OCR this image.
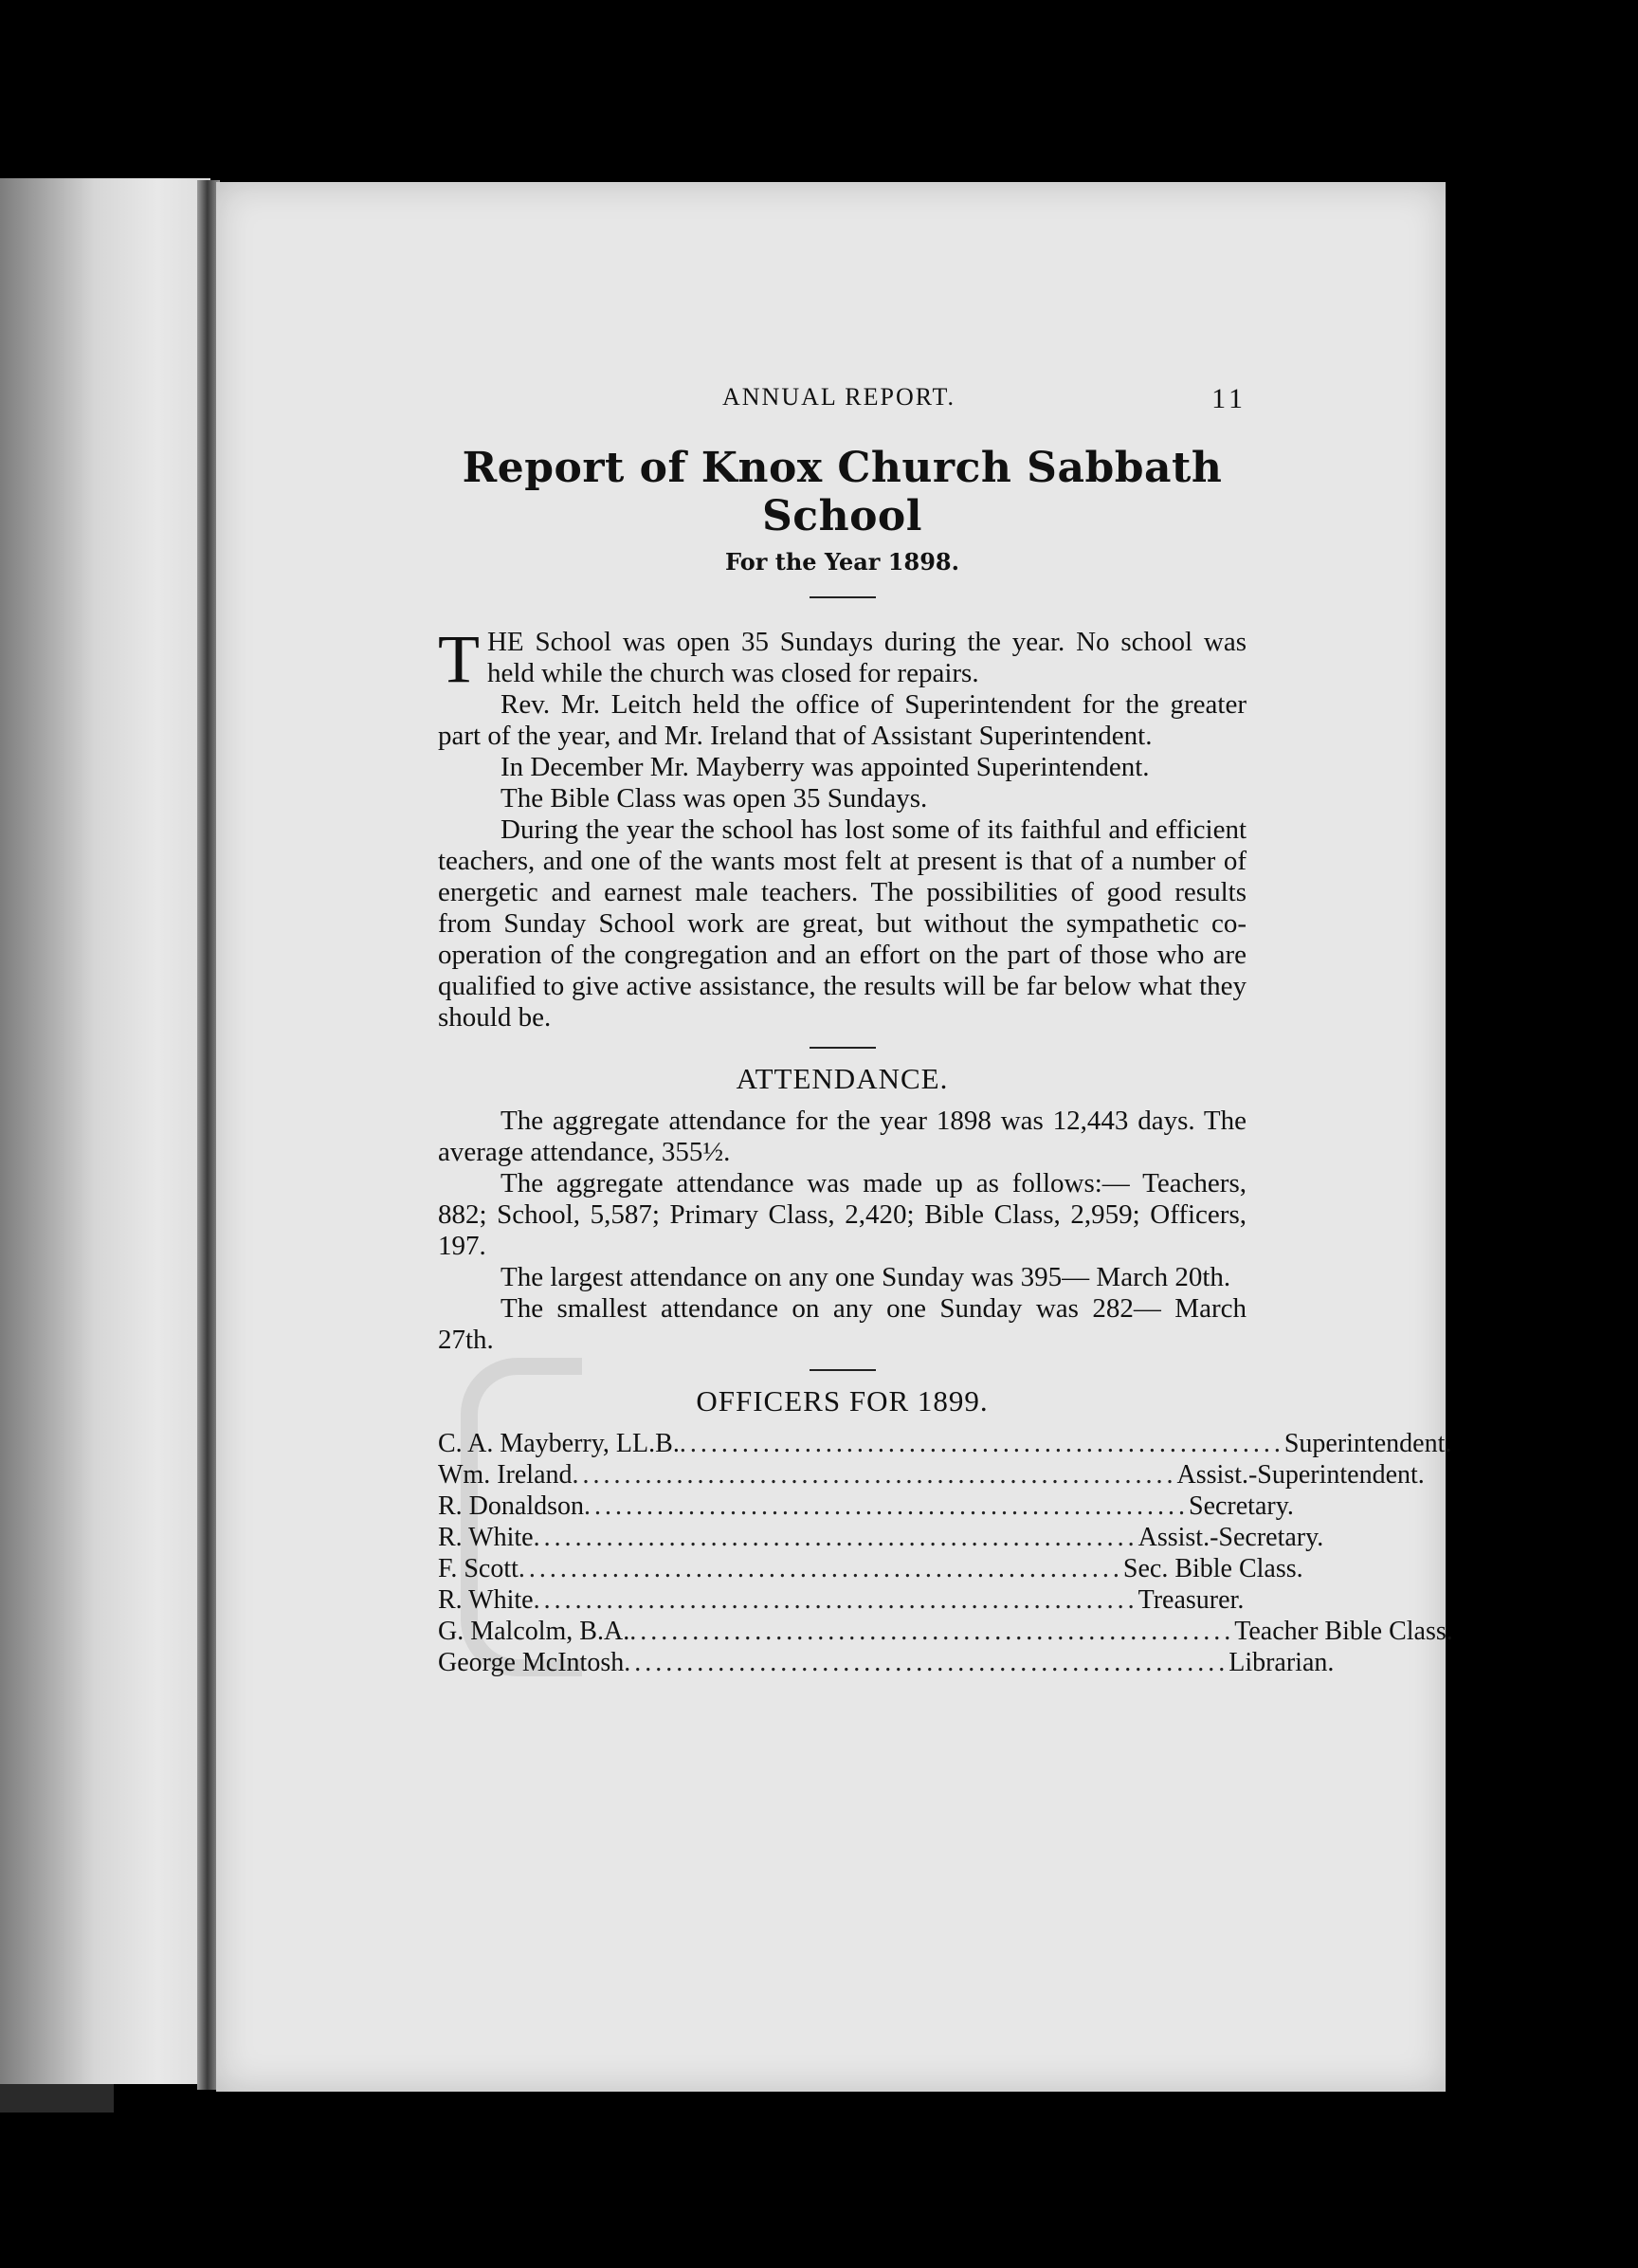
ANNUAL REPORT.	11
Report of Knox Church Sabbath School
For the Year 1898.

THE School was open 35 Sundays during the year. No school was held while the church was closed for repairs.

Rev. Mr. Leitch held the office of Superintendent for the greater part of the year, and Mr. Ireland that of Assistant Superintendent.

In December Mr. Mayberry was appointed Superintendent.

The Bible Class was open 35 Sundays.

During the year the school has lost some of its faithful and efficient teachers, and one of the wants most felt at present is that of a number of energetic and earnest male teachers. The possibilities of good results from Sunday School work are great, but without the sympathetic co-operation of the congregation and an effort on the part of those who are qualified to give active assistance, the results will be far below what they should be.

ATTENDANCE.

The aggregate attendance for the year 1898 was 12,443 days. The average attendance, 355½.

The aggregate attendance was made up as follows:— Teachers, 882; School, 5,587; Primary Class, 2,420; Bible Class, 2,959; Officers, 197.

The largest attendance on any one Sunday was 395— March 20th.

The smallest attendance on any one Sunday was 282— March 27th.

OFFICERS FOR 1899.
C. A. Mayberry, LL.B. .......................................................... Superintendent.
Wm. Ireland .......................................................... Assist.-Superintendent.
R. Donaldson .......................................................... Secretary.
R. White .......................................................... Assist.-Secretary.
F. Scott .......................................................... Sec. Bible Class.
R. White .......................................................... Treasurer.
G. Malcolm, B.A. .......................................................... Teacher Bible Class.
George McIntosh .......................................................... Librarian.
